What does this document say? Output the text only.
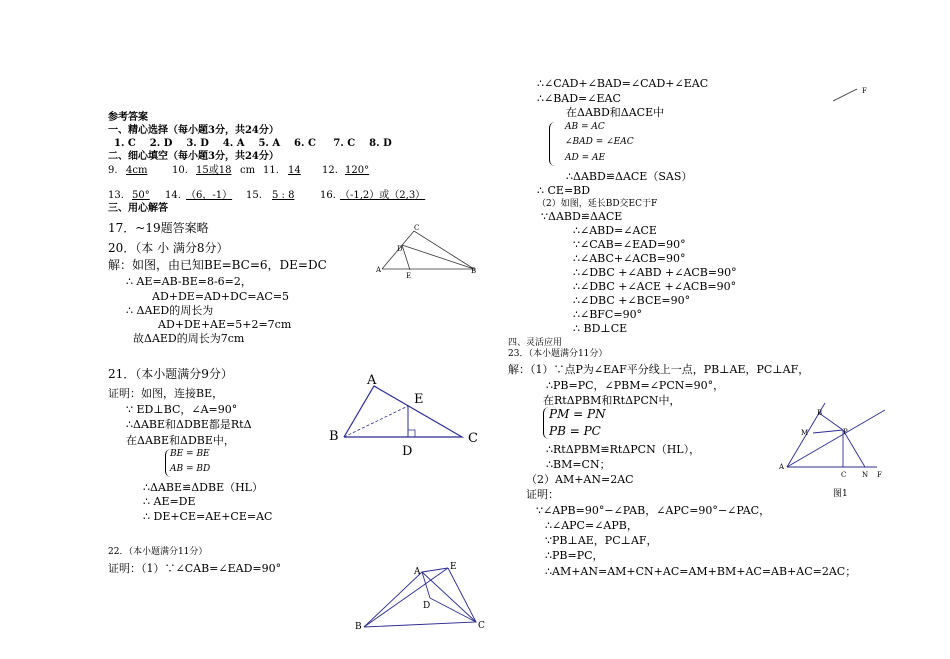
参考答案
一、精心选择（每小题3分，共24分）
1. C    2. D    3. D    4. A    5. A    6. C     7. C    8. D
二、细心填空（每小题3分，共24分）
9. 4cm	10. 15或18 cm 11. 14 12. 120°
13. 50° 14. （6，-1） 15. 5 : 8	16. （-1,2）或（2,3）
三、用心解答
17．~19题答案略
20．（本 小 满分8分）
解：如图，由已知BE=BC=6，DE=DC
∴ AE=AB-BE=8-6=2，
AD+DE=AD+DC=AC=5
∴ ΔAED的周长为
AD+DE+AE=5+2=7cm
故ΔAED的周长为7cm
21．（本小题满分9分）
证明：如图，连接BE，
∵ ED⊥BC，∠A=90°
∴ΔABE和ΔDBE都是RtΔ
在ΔABE和ΔDBE中，
BE = BE
AB = BD
∴ΔABE≌ΔDBE（HL）
∴ AE=DE
∴ DE+CE=AE+CE=AC
22．（本小题满分11分）
证明：（1）∵∠CAB=∠EAD=90°
C
D
A
E
B
A
E
B
D
C
A	E
D
B	C
∴∠CAD+∠BAD=∠CAD+∠EAC
∴∠BAD=∠EAC
在ΔABD和ΔACE中
AB = AC
∠BAD = ∠EAC
AD = AE
∴ΔABD≌ΔACE（SAS）
∴ CE=BD
（2）如图，延长BD交EC于F
∵ΔABD≌ΔACE
∴∠ABD=∠ACE
∵∠CAB=∠EAD=90°
∴∠ABC+∠ACB=90°
∴∠DBC +∠ABD +∠ACB=90°
∴∠DBC +∠ACE +∠ACB=90°
∴∠DBC +∠BCE=90°
∴∠BFC=90°
∴ BD⊥CE
四、灵活应用
23．（本小题满分11分）
解：（1）∵点P为∠EAF平分线上一点，PB⊥AE，PC⊥AF，
∴PB=PC，∠PBM=∠PCN=90°，
在RtΔPBM和RtΔPCN中，
PM = PN
PB = PC
∴RtΔPBM≌RtΔPCN（HL），
∴BM=CN；
（2）AM+AN=2AC
证明：
∵∠APB=90°−∠PAB，∠APC=90°−∠PAC，
∴∠APC=∠APB，
∵PB⊥AE，PC⊥AF，
∴PB=PC，
∴AM+AN=AM+CN+AC=AM+BM+AC=AB+AC=2AC；
F
B
M	P
A
C N F
图1
